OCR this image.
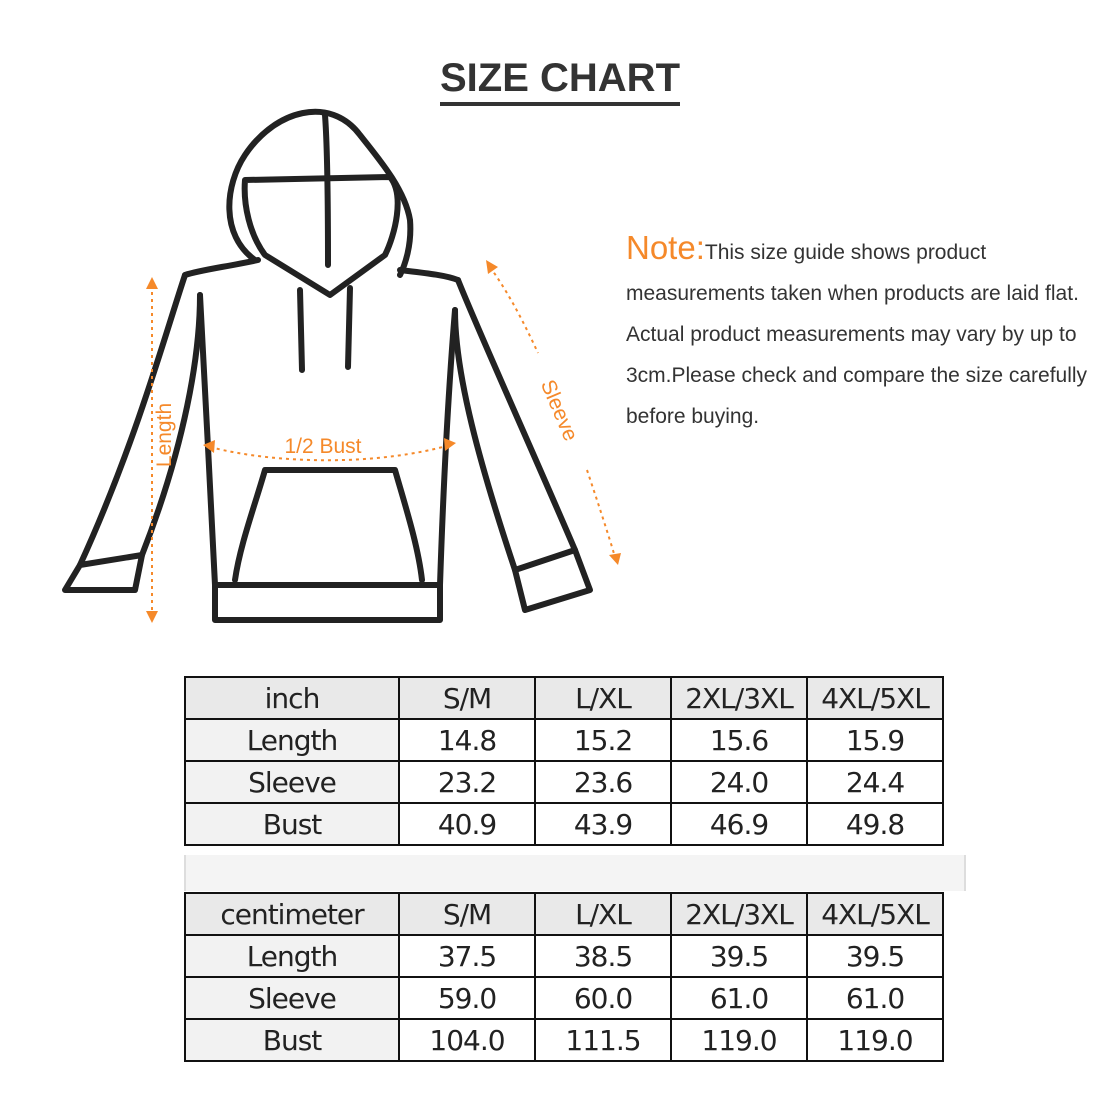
SIZE CHART
Length	1/2 Bust
Sleeve
Note:This size guide shows product measurements taken when products are laid flat. Actual product measurements may vary by up to 3cm.Please check and compare the size carefully before buying.
inch	S/M	L/XL	2XL/3XL	4XL/5XL
Length	14.8	15.2	15.6	15.9
Sleeve	23.2	23.6	24.0	24.4
Bust	40.9	43.9	46.9	49.8
centimeter	S/M	L/XL	2XL/3XL	4XL/5XL
Length	37.5	38.5	39.5	39.5
Sleeve	59.0	60.0	61.0	61.0
Bust	104.0	111.5	119.0	119.0
